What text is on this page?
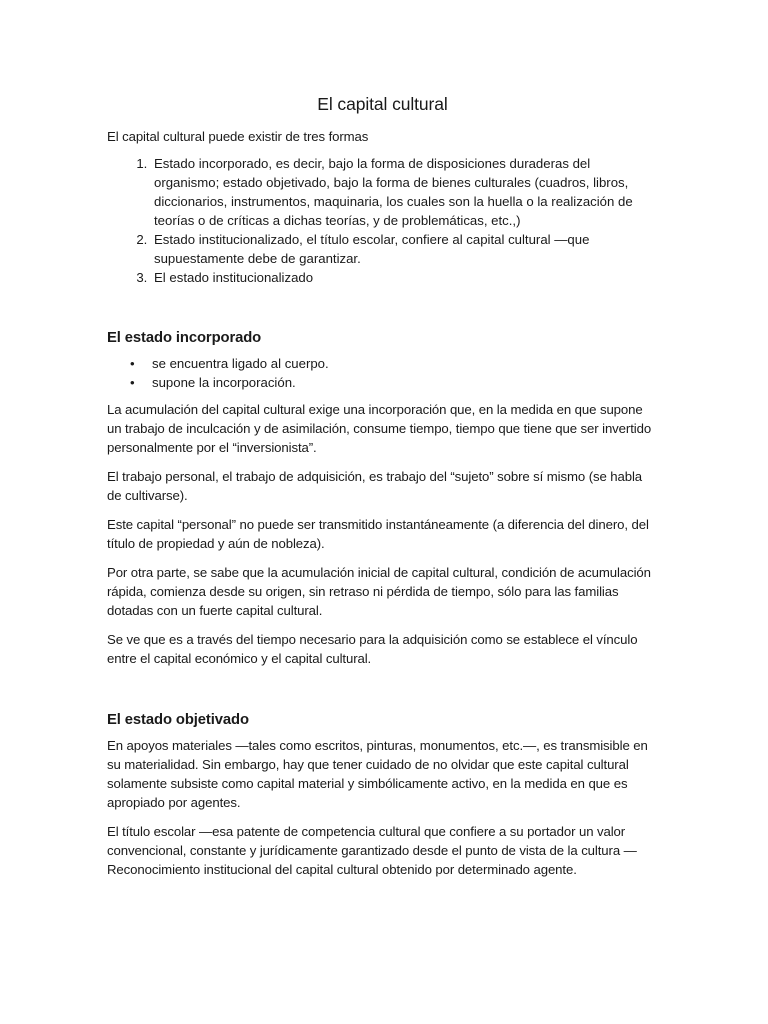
El capital cultural

El capital cultural puede existir de tres formas

1. Estado incorporado, es decir, bajo la forma de disposiciones duraderas del organismo; estado objetivado, bajo la forma de bienes culturales (cuadros, libros, diccionarios, instrumentos, maquinaria, los cuales son la huella o la realización de teorías o de críticas a dichas teorías, y de problemáticas, etc.,)
2. Estado institucionalizado, el título escolar, confiere al capital cultural —que supuestamente debe de garantizar.
3. El estado institucionalizado
El estado incorporado
• se encuentra ligado al cuerpo.
• supone la incorporación.

La acumulación del capital cultural exige una incorporación que, en la medida en que supone un trabajo de inculcación y de asimilación, consume tiempo, tiempo que tiene que ser invertido personalmente por el “inversionista”.

El trabajo personal, el trabajo de adquisición, es trabajo del “sujeto” sobre sí mismo (se habla de cultivarse).

Este capital “personal” no puede ser transmitido instantáneamente (a diferencia del dinero, del título de propiedad y aún de nobleza).

Por otra parte, se sabe que la acumulación inicial de capital cultural, condición de acumulación rápida, comienza desde su origen, sin retraso ni pérdida de tiempo, sólo para las familias dotadas con un fuerte capital cultural.

Se ve que es a través del tiempo necesario para la adquisición como se establece el vínculo entre el capital económico y el capital cultural.

El estado objetivado

En apoyos materiales —tales como escritos, pinturas, monumentos, etc.—, es transmisible en su materialidad. Sin embargo, hay que tener cuidado de no olvidar que este capital cultural solamente subsiste como capital material y simbólicamente activo, en la medida en que es apropiado por agentes.

El título escolar —esa patente de competencia cultural que confiere a su portador un valor convencional, constante y jurídicamente garantizado desde el punto de vista de la cultura — Reconocimiento institucional del capital cultural obtenido por determinado agente.
